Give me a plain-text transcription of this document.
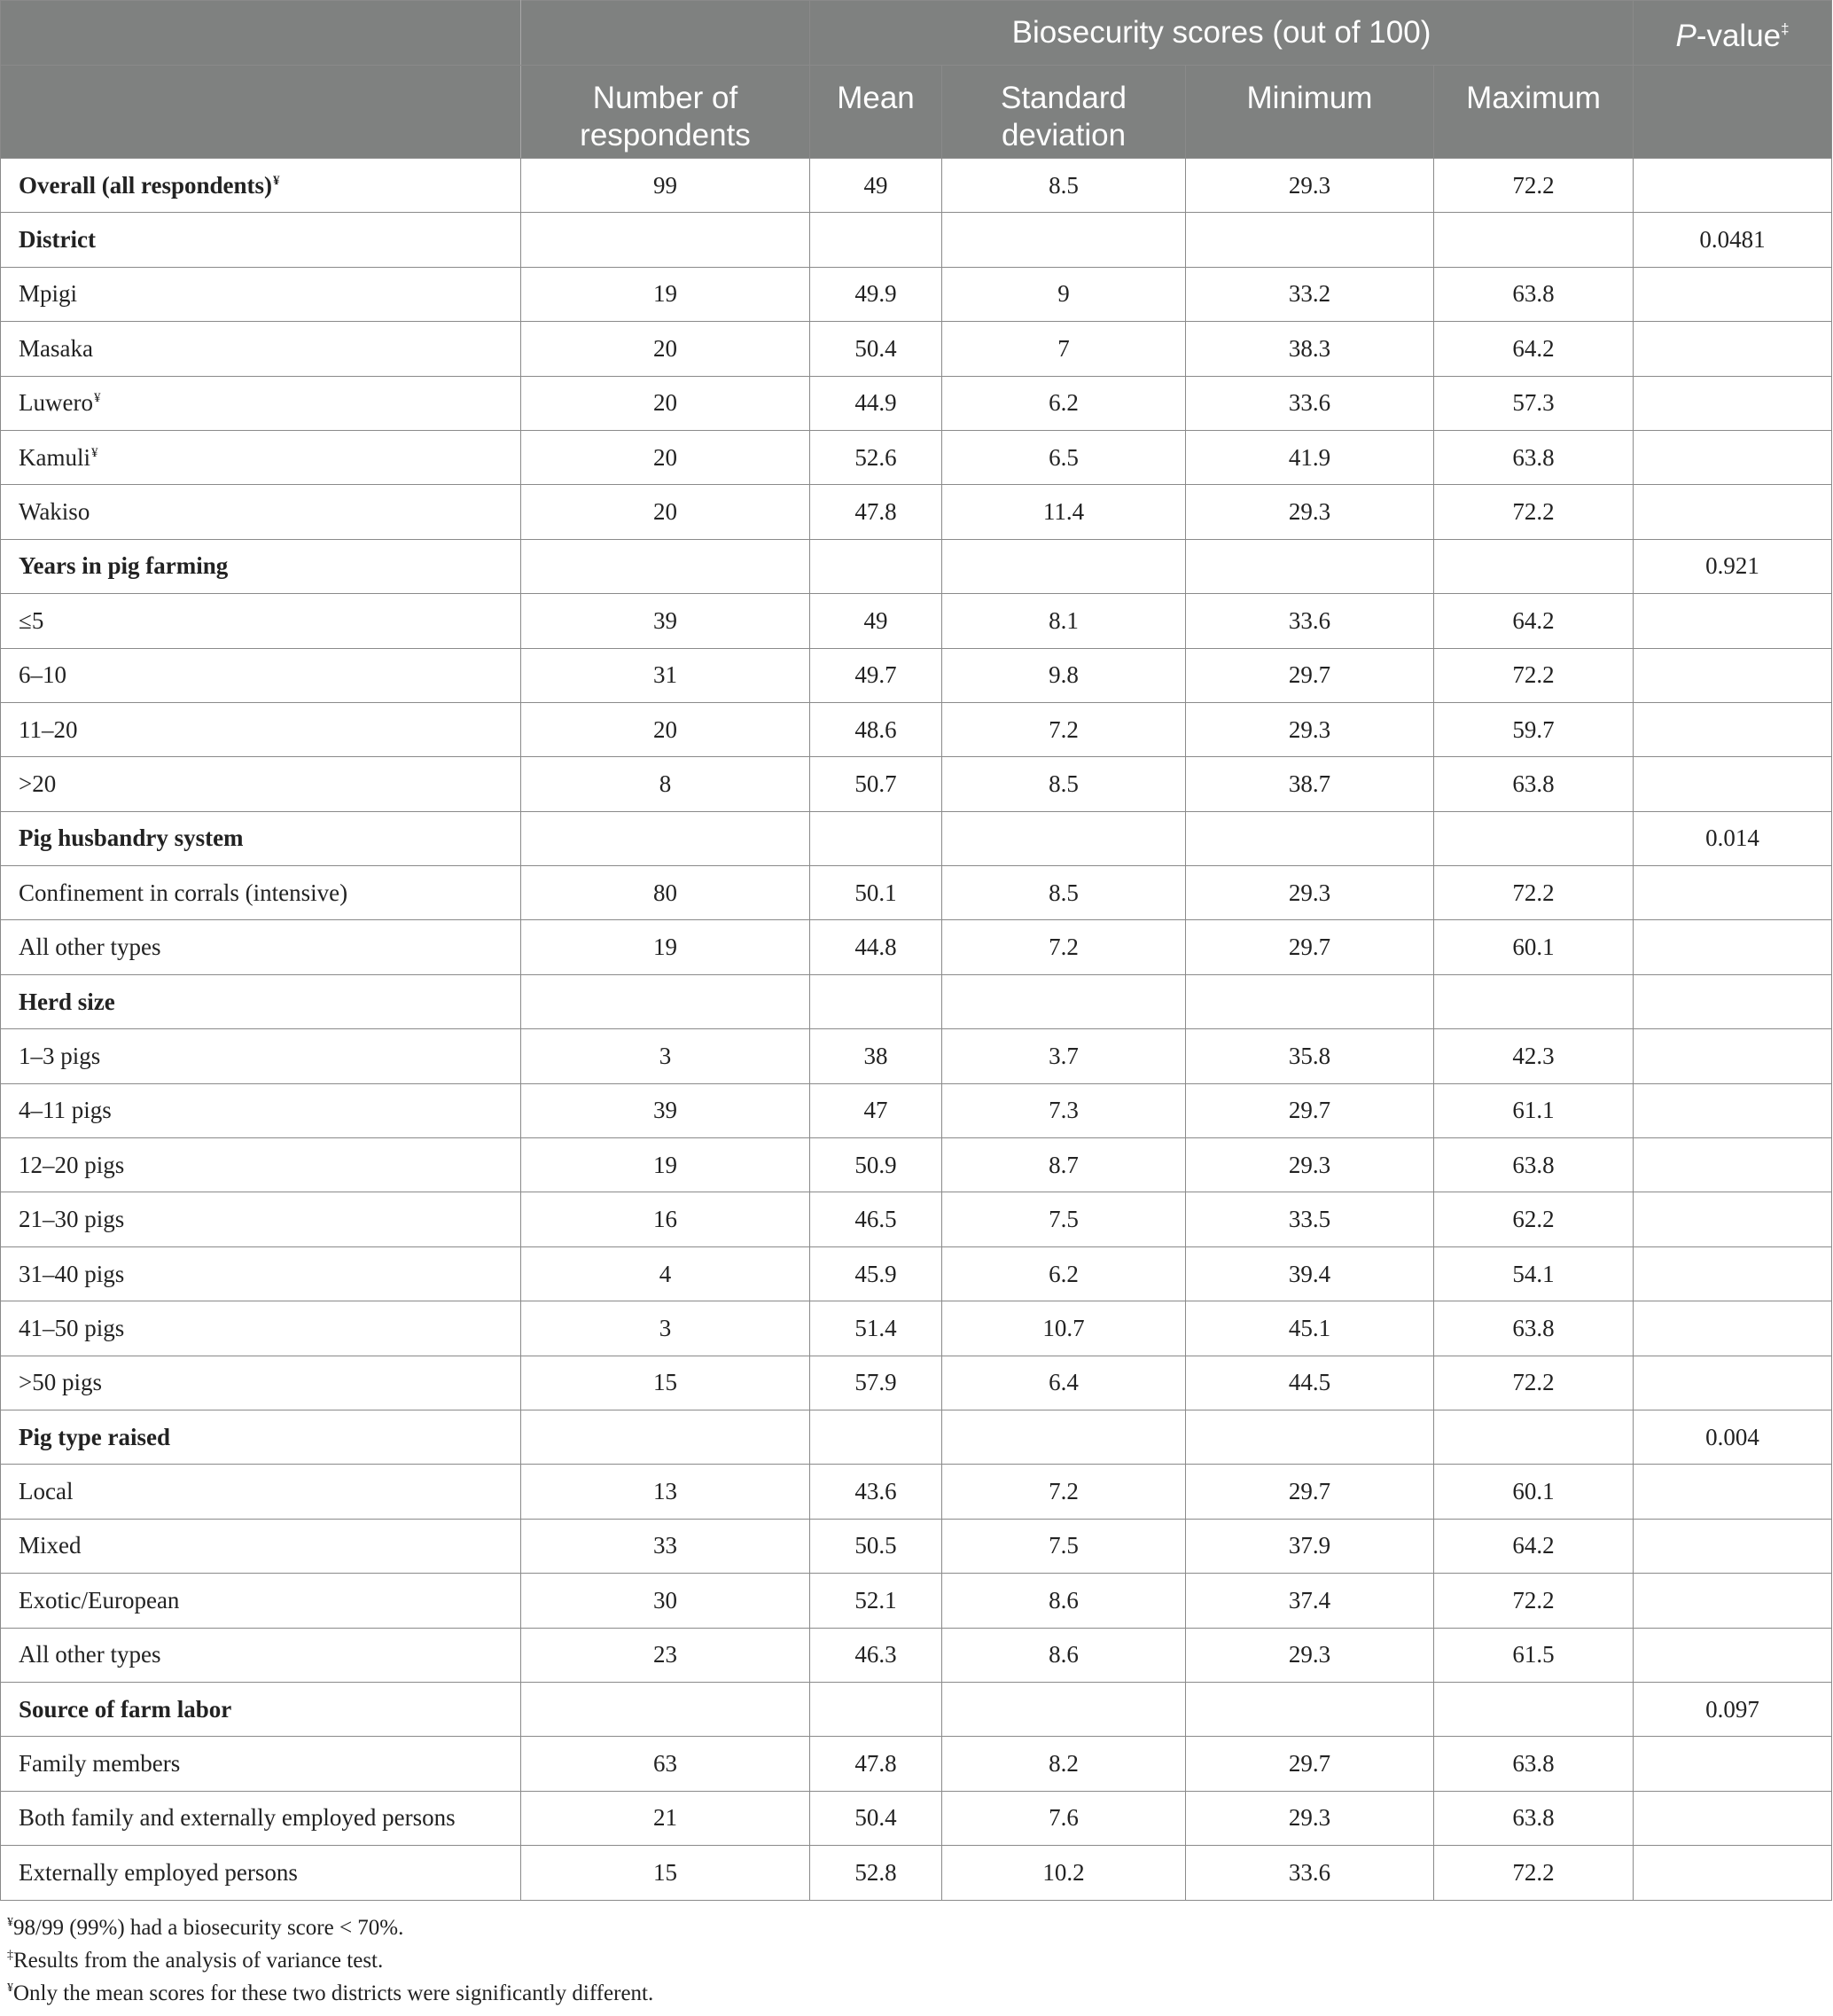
		Biosecurity scores (out of 100)				P-value‡
	Number of respondents	Mean	Standard deviation	Minimum	Maximum	
Overall (all respondents)¥	99	49	8.5	29.3	72.2	
District						0.0481
Mpigi	19	49.9	9	33.2	63.8	
Masaka	20	50.4	7	38.3	64.2	
Luwero¥	20	44.9	6.2	33.6	57.3	
Kamuli¥	20	52.6	6.5	41.9	63.8	
Wakiso	20	47.8	11.4	29.3	72.2	
Years in pig farming						0.921
≤5	39	49	8.1	33.6	64.2	
6–10	31	49.7	9.8	29.7	72.2	
11–20	20	48.6	7.2	29.3	59.7	
>20	8	50.7	8.5	38.7	63.8	
Pig husbandry system						0.014
Confinement in corrals (intensive)	80	50.1	8.5	29.3	72.2	
All other types	19	44.8	7.2	29.7	60.1	
Herd size						
1–3 pigs	3	38	3.7	35.8	42.3	
4–11 pigs	39	47	7.3	29.7	61.1	
12–20 pigs	19	50.9	8.7	29.3	63.8	
21–30 pigs	16	46.5	7.5	33.5	62.2	
31–40 pigs	4	45.9	6.2	39.4	54.1	
41–50 pigs	3	51.4	10.7	45.1	63.8	
>50 pigs	15	57.9	6.4	44.5	72.2	
Pig type raised						0.004
Local	13	43.6	7.2	29.7	60.1	
Mixed	33	50.5	7.5	37.9	64.2	
Exotic/European	30	52.1	8.6	37.4	72.2	
All other types	23	46.3	8.6	29.3	61.5	
Source of farm labor						0.097
Family members	63	47.8	8.2	29.7	63.8	
Both family and externally employed persons	21	50.4	7.6	29.3	63.8	
Externally employed persons	15	52.8	10.2	33.6	72.2	

¥98/99 (99%) had a biosecurity score < 70%.

‡Results from the analysis of variance test.

¥Only the mean scores for these two districts were significantly different.
